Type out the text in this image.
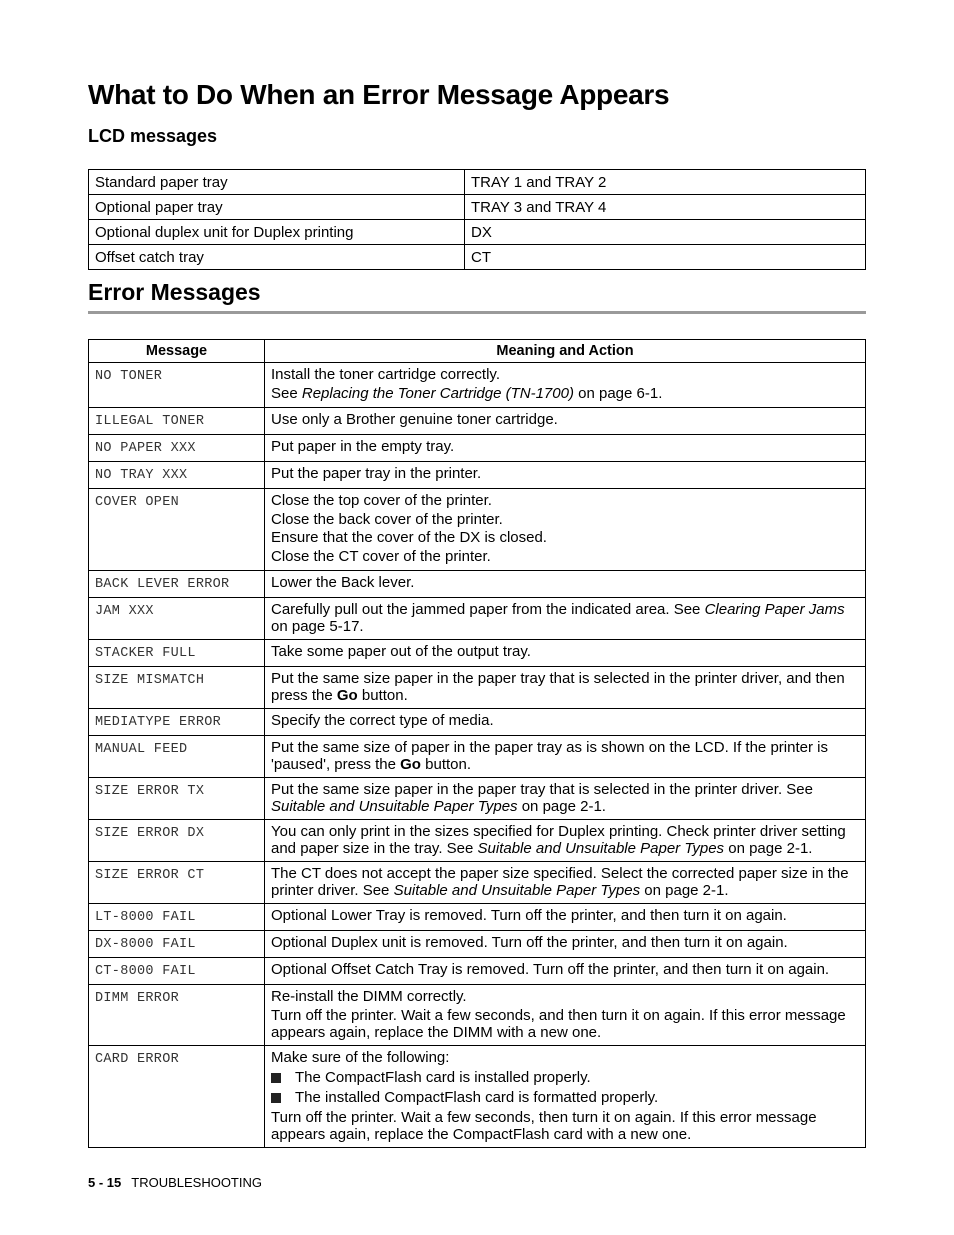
What to Do When an Error Message Appears
LCD messages
Standard paper tray	TRAY 1 and TRAY 2
Optional paper tray	TRAY 3 and TRAY 4
Optional duplex unit for Duplex printing	DX
Offset catch tray	CT
Error Messages
Message	Meaning and Action
NO TONER	Install the toner cartridge correctly.
See Replacing the Toner Cartridge (TN-1700) on page 6-1.

ILLEGAL TONER	Use only a Brother genuine toner cartridge.
NO PAPER XXX	Put paper in the empty tray.
NO TRAY XXX	Put the paper tray in the printer.
COVER OPEN	Close the top cover of the printer.
Close the back cover of the printer.
Ensure that the cover of the DX is closed.
Close the CT cover of the printer.

BACK LEVER ERROR	Lower the Back lever.
JAM XXX	Carefully pull out the jammed paper from the indicated area. See Clearing Paper Jams on page 5-17.
STACKER FULL	Take some paper out of the output tray.
SIZE MISMATCH	Put the same size paper in the paper tray that is selected in the printer driver, and then press the Go button.
MEDIATYPE ERROR	Specify the correct type of media.
MANUAL FEED	Put the same size of paper in the paper tray as is shown on the LCD. If the printer is 'paused', press the Go button.
SIZE ERROR TX	Put the same size paper in the paper tray that is selected in the printer driver. See Suitable and Unsuitable Paper Types on page 2-1.
SIZE ERROR DX	You can only print in the sizes specified for Duplex printing. Check printer driver setting and paper size in the tray. See Suitable and Unsuitable Paper Types on page 2-1.
SIZE ERROR CT	The CT does not accept the paper size specified. Select the corrected paper size in the printer driver. See Suitable and Unsuitable Paper Types on page 2-1.
LT-8000 FAIL	Optional Lower Tray is removed. Turn off the printer, and then turn it on again.
DX-8000 FAIL	Optional Duplex unit is removed. Turn off the printer, and then turn it on again.
CT-8000 FAIL	Optional Offset Catch Tray is removed. Turn off the printer, and then turn it on again.
DIMM ERROR	Re-install the DIMM correctly.
Turn off the printer. Wait a few seconds, and then turn it on again. If this error message appears again, replace the DIMM with a new one.
CARD ERROR	Make sure of the following:
The CompactFlash card is installed properly.
The installed CompactFlash card is formatted properly.
Turn off the printer. Wait a few seconds, then turn it on again. If this error message appears again, replace the CompactFlash card with a new one.
5 - 15 TROUBLESHOOTING
